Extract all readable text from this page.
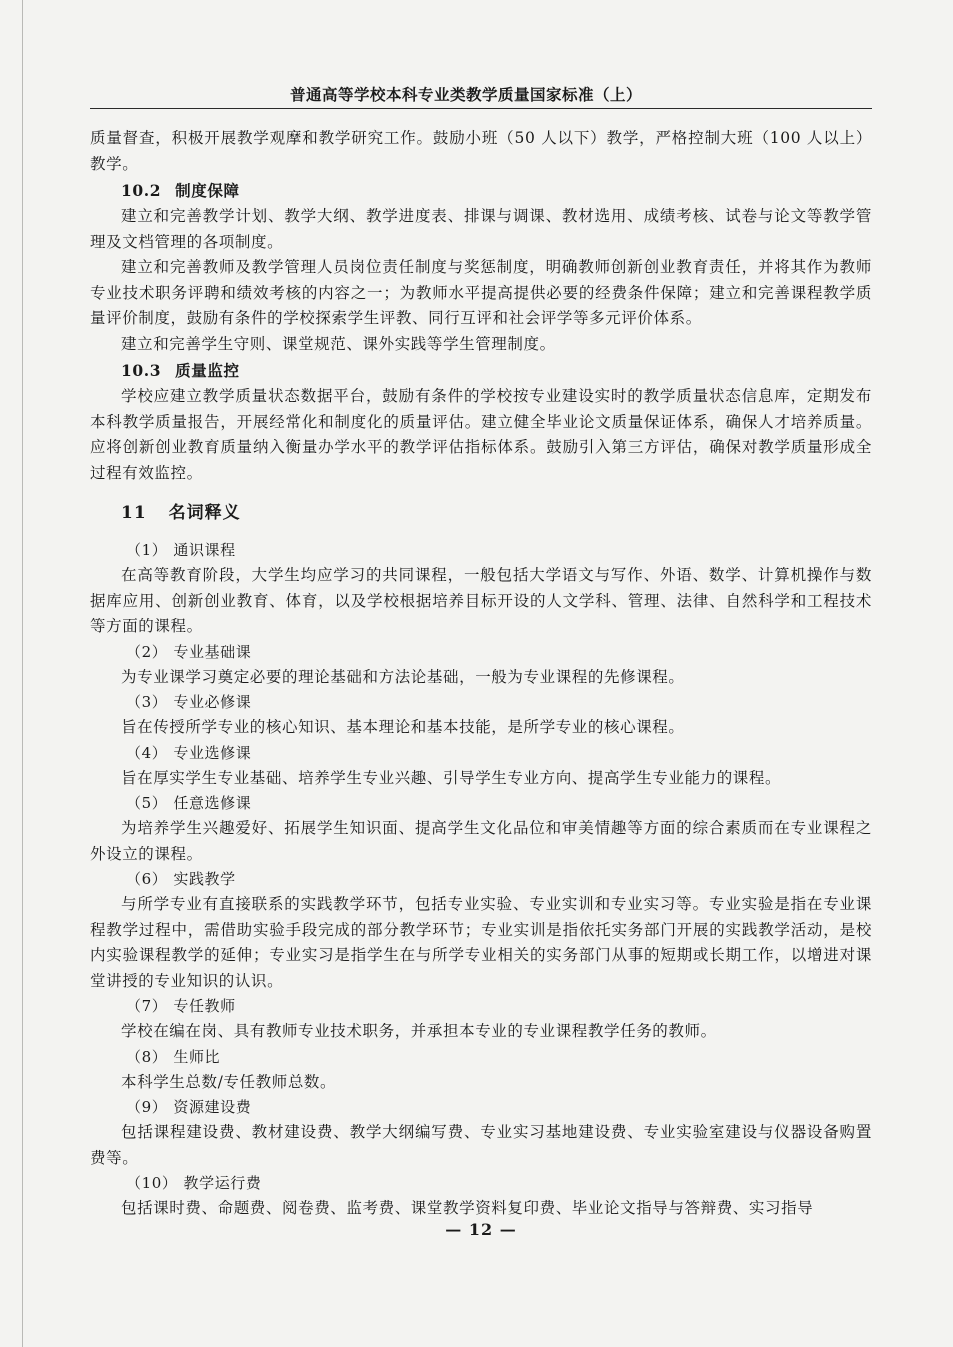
普通高等学校本科专业类教学质量国家标准（上）

质量督查，积极开展教学观摩和教学研究工作。鼓励小班（50 人以下）教学，严格控制大班（100 人以上）教学。

10.2 制度保障

建立和完善教学计划、教学大纲、教学进度表、排课与调课、教材选用、成绩考核、试卷与论文等教学管理及文档管理的各项制度。

建立和完善教师及教学管理人员岗位责任制度与奖惩制度，明确教师创新创业教育责任，并将其作为教师专业技术职务评聘和绩效考核的内容之一；为教师水平提高提供必要的经费条件保障；建立和完善课程教学质量评价制度，鼓励有条件的学校探索学生评教、同行互评和社会评学等多元评价体系。

建立和完善学生守则、课堂规范、课外实践等学生管理制度。

10.3 质量监控

学校应建立教学质量状态数据平台，鼓励有条件的学校按专业建设实时的教学质量状态信息库，定期发布本科教学质量报告，开展经常化和制度化的质量评估。建立健全毕业论文质量保证体系，确保人才培养质量。应将创新创业教育质量纳入衡量办学水平的教学评估指标体系。鼓励引入第三方评估，确保对教学质量形成全过程有效监控。

11 名词释义
（1） 通识课程

在高等教育阶段，大学生均应学习的共同课程，一般包括大学语文与写作、外语、数学、计算机操作与数据库应用、创新创业教育、体育，以及学校根据培养目标开设的人文学科、管理、法律、自然科学和工程技术等方面的课程。

（2） 专业基础课

为专业课学习奠定必要的理论基础和方法论基础，一般为专业课程的先修课程。

（3） 专业必修课

旨在传授所学专业的核心知识、基本理论和基本技能，是所学专业的核心课程。

（4） 专业选修课

旨在厚实学生专业基础、培养学生专业兴趣、引导学生专业方向、提高学生专业能力的课程。

（5） 任意选修课

为培养学生兴趣爱好、拓展学生知识面、提高学生文化品位和审美情趣等方面的综合素质而在专业课程之外设立的课程。

（6） 实践教学

与所学专业有直接联系的实践教学环节，包括专业实验、专业实训和专业实习等。专业实验是指在专业课程教学过程中，需借助实验手段完成的部分教学环节；专业实训是指依托实务部门开展的实践教学活动，是校内实验课程教学的延伸；专业实习是指学生在与所学专业相关的实务部门从事的短期或长期工作，以增进对课堂讲授的专业知识的认识。

（7） 专任教师

学校在编在岗、具有教师专业技术职务，并承担本专业的专业课程教学任务的教师。

（8） 生师比

本科学生总数/专任教师总数。

（9） 资源建设费

包括课程建设费、教材建设费、教学大纲编写费、专业实习基地建设费、专业实验室建设与仪器设备购置费等。

（10） 教学运行费

包括课时费、命题费、阅卷费、监考费、课堂教学资料复印费、毕业论文指导与答辩费、实习指导

— 12 —
